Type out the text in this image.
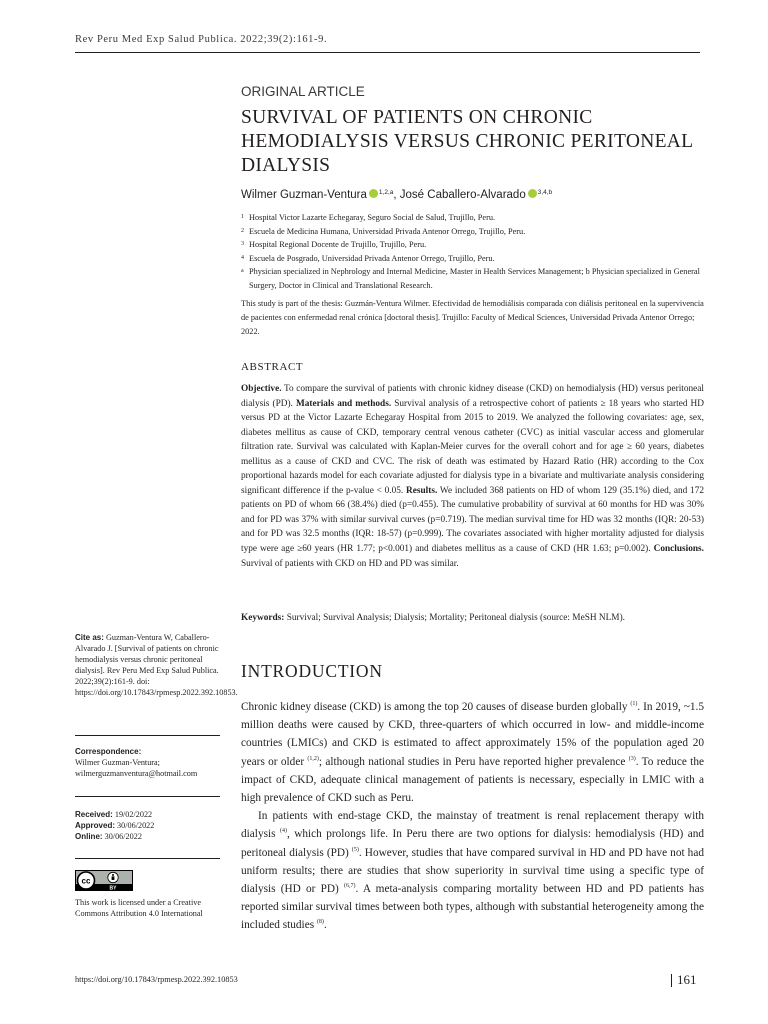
Rev Peru Med Exp Salud Publica. 2022;39(2):161-9.
ORIGINAL ARTICLE
SURVIVAL OF PATIENTS ON CHRONIC
HEMODIALYSIS VERSUS CHRONIC PERITONEAL
DIALYSIS
Wilmer Guzman-Ventura $^{1,2,a}$, José Caballero-Alvarado $^{3,4,b}$
1 Hospital Victor Lazarte Echegaray, Seguro Social de Salud, Trujillo, Peru.
2 Escuela de Medicina Humana, Universidad Privada Antenor Orrego, Trujillo, Peru.
3 Hospital Regional Docente de Trujillo, Trujillo, Peru.
4 Escuela de Posgrado, Universidad Privada Antenor Orrego, Trujillo, Peru.
a Physician specialized in Nephrology and Internal Medicine, Master in Health Services Management; b Physician specialized in General Surgery, Doctor in Clinical and Translational Research.
This study is part of the thesis: Guzmán-Ventura Wilmer. Efectividad de hemodiálisis comparada con diálisis peritoneal en la supervivencia de pacientes con enfermedad renal crónica [doctoral thesis]. Trujillo: Faculty of Medical Sciences, Universidad Privada Antenor Orrego; 2022.
ABSTRACT
Objective. To compare the survival of patients with chronic kidney disease (CKD) on hemodialysis (HD) versus peritoneal dialysis (PD). Materials and methods. Survival analysis of a retrospective cohort of patients ≥ 18 years who started HD versus PD at the Victor Lazarte Echegaray Hospital from 2015 to 2019. We analyzed the following covariates: age, sex, diabetes mellitus as cause of CKD, temporary central venous catheter (CVC) as initial vascular access and glomerular filtration rate. Survival was calculated with Kaplan-Meier curves for the overall cohort and for age ≥ 60 years, diabetes mellitus as a cause of CKD and CVC. The risk of death was estimated by Hazard Ratio (HR) according to the Cox proportional hazards model for each covariate adjusted for dialysis type in a bivariate and multivariate analysis considering significant difference if the p-value < 0.05. Results. We included 368 patients on HD of whom 129 (35.1%) died, and 172 patients on PD of whom 66 (38.4%) died (p=0.455). The cumulative probability of survival at 60 months for HD was 30% and for PD was 37% with similar survival curves (p=0.719). The median survival time for HD was 32 months (IQR: 20-53) and for PD was 32.5 months (IQR: 18-57) (p=0.999). The covariates associated with higher mortality adjusted for dialysis type were age ≥60 years (HR 1.77; p<0.001) and diabetes mellitus as a cause of CKD (HR 1.63; p=0.002). Conclusions. Survival of patients with CKD on HD and PD was similar.
Keywords: Survival; Survival Analysis; Dialysis; Mortality; Peritoneal dialysis (source: MeSH NLM).
INTRODUCTION

Chronic kidney disease (CKD) is among the top 20 causes of disease burden globally $^{(1)}$. In 2019, ~1.5 million deaths were caused by CKD, three-quarters of which occurred in low- and middle-income countries (LMICs) and CKD is estimated to affect approximately 15% of the population aged 20 years or older $^{(1,2)}$; although national studies in Peru have reported higher prevalence $^{(3)}$. To reduce the impact of CKD, adequate clinical management of patients is necessary, especially in LMIC with a high prevalence of CKD such as Peru.

In patients with end-stage CKD, the mainstay of treatment is renal replacement therapy with dialysis $^{(4)}$, which prolongs life. In Peru there are two options for dialysis: hemodialysis (HD) and peritoneal dialysis (PD) $^{(5)}$. However, studies that have compared survival in HD and PD have not had uniform results; there are studies that show superiority in survival time using a specific type of dialysis (HD or PD) $^{(6,7)}$. A meta-analysis comparing mortality between HD and PD patients has reported similar survival times between both types, although with substantial heterogeneity among the included studies $^{(8)}$.

Cite as: Guzman-Ventura W, Caballero-Alvarado J. [Survival of patients on chronic hemodialysis versus chronic peritoneal dialysis]. Rev Peru Med Exp Salud Publica. 2022;39(2):161-9. doi: https://doi.org/10.17843/rpmesp.2022.392.10853.
Correspondence:
Wilmer Guzman-Ventura;
wilmerguzmanventura@hotmail.com
Received: 19/02/2022
Approved: 30/06/2022
Online: 30/06/2022
cc
BY
This work is licensed under a Creative Commons Attribution 4.0 International
https://doi.org/10.17843/rpmesp.2022.392.10853	161
